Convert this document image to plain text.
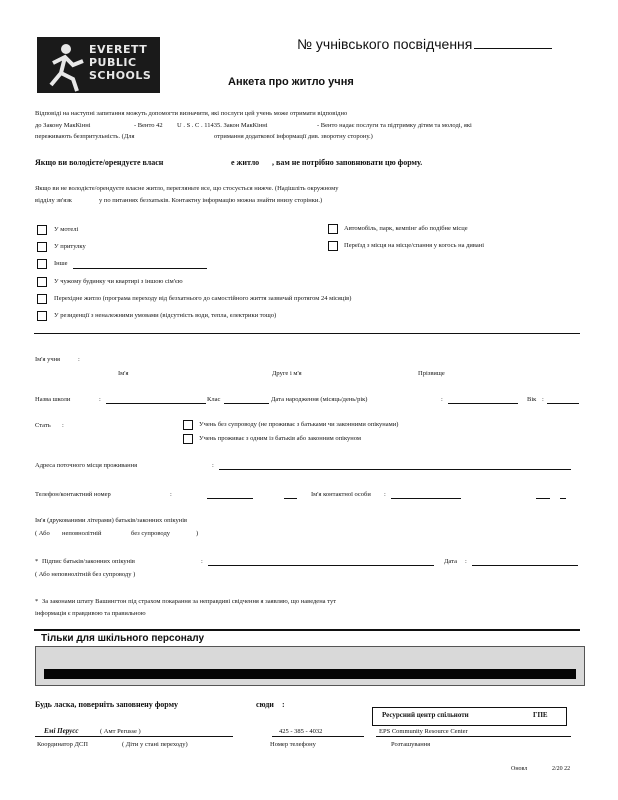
EVERETT
PUBLIC
SCHOOLS
№ учнівського посвідчення
Анкета про житло учня
Відповіді на наступні запитання можуть допомогти визначити, які послуги цей учень може отримати відповідно
до Закону МакКінні	- Венто 42 U . S . C . 11435. Закон МакКінні	- Венто надає послуги та підтримку дітям та молоді, які
переживають безпритульність. (Для	отримання додаткової інформації див. зворотну сторону.)
Якщо ви володієте/орендуєте власн	е житло , вам не потрібно заповнювати цю форму.
Якщо ви не володієте/орендуєте власне житло, перегляньте все, що стосується нижче. (Надішліть окружному
відділу зв'язк	у по питаннях безхатьків. Контактну інформацію можна знайти внизу сторінки.)
У мотелі
У притулку
Інше
У чужому будинку чи квартирі з іншою сім'єю
Перехідне житло (програма переходу від безхатнього до самостійного життя зазвичай протягом 24 місяців)
У резиденції з неналежними умовами (відсутність води, тепла, електрики тощо)
Автомобіль, парк, кемпінг або подібне місце
Переїзд з місця на місце/спання у когось на дивані
Ім'я учня	:
Ім'я	Друге і м'я	Прізвище
Назва школи	:	Клас	Дата народження (місяць/день/рік)	:	Вік :
Стать :	Учень без супроводу (не проживає з батьками чи законними опікунами)
Учень проживає з одним із батьків або законним опікуном
Адреса поточного місця проживання	:
Телефон/контактний номер	:	Ім'я контактної особи :
Ім'я (друкованими літерами) батьків/законних опікунів
( Або неповнолітній	без супроводу	)
* Підпис батьків/законних опікунів	:
( Або неповнолітній без супроводу )
Дата :
* За законами штату Вашингтон під страхом покарання за неправдиві свідчення я заявляю, що наведена тут
інформація є правдивою та правильною
Тільки для шкільного персоналу
Будь ласка, поверніть заповнену форму	сюди :
Ресурсний центр спільноти	ГПЕ
Емі Перусс	( Амт Perusse )
Координатор ДСП	( Діти у стані переходу)
425 - 385 - 4032
Номер телефону
EPS Community Resource Center
Розташування
Оновл	2/20 22
